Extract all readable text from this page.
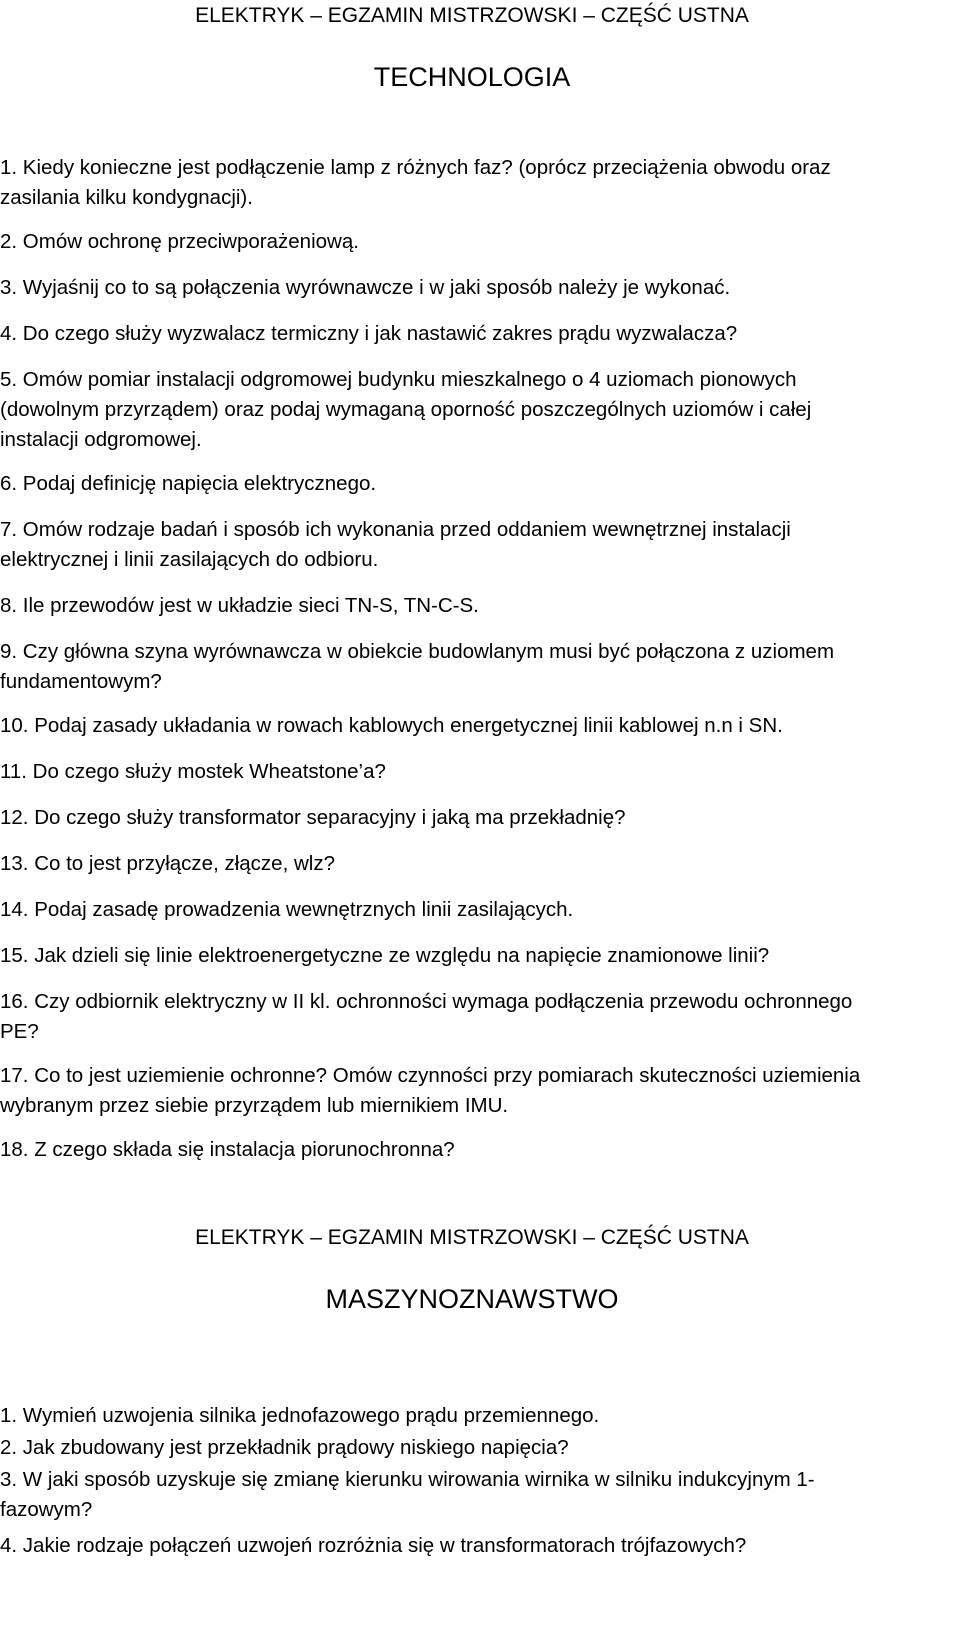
ELEKTRYK – EGZAMIN MISTRZOWSKI – CZĘŚĆ USTNA
TECHNOLOGIA

1. Kiedy konieczne jest podłączenie lamp z różnych faz? (oprócz przeciążenia obwodu oraz

zasilania kilku kondygnacji).

2. Omów ochronę przeciwporażeniową.

3. Wyjaśnij co to są połączenia wyrównawcze i w jaki sposób należy je wykonać.

4. Do czego służy wyzwalacz termiczny i jak nastawić zakres prądu wyzwalacza?

5. Omów pomiar instalacji odgromowej budynku mieszkalnego o 4 uziomach pionowych

(dowolnym przyrządem) oraz podaj wymaganą oporność poszczególnych uziomów i całej

instalacji odgromowej.

6. Podaj definicję napięcia elektrycznego.

7. Omów rodzaje badań i sposób ich wykonania przed oddaniem wewnętrznej instalacji

elektrycznej i linii zasilających do odbioru.

8. Ile przewodów jest w układzie sieci TN-S, TN-C-S.

9. Czy główna szyna wyrównawcza w obiekcie budowlanym musi być połączona z uziomem

fundamentowym?

10. Podaj zasady układania w rowach kablowych energetycznej linii kablowej n.n i SN.

11. Do czego służy mostek Wheatstone’a?

12. Do czego służy transformator separacyjny i jaką ma przekładnię?

13. Co to jest przyłącze, złącze, wlz?

14. Podaj zasadę prowadzenia wewnętrznych linii zasilających.

15. Jak dzieli się linie elektroenergetyczne ze względu na napięcie znamionowe linii?

16. Czy odbiornik elektryczny w II kl. ochronności wymaga podłączenia przewodu ochronnego

PE?

17. Co to jest uziemienie ochronne? Omów czynności przy pomiarach skuteczności uziemienia

wybranym przez siebie przyrządem lub miernikiem IMU.

18. Z czego składa się instalacja piorunochronna?

ELEKTRYK – EGZAMIN MISTRZOWSKI – CZĘŚĆ USTNA
MASZYNOZNAWSTWO

1. Wymień uzwojenia silnika jednofazowego prądu przemiennego.

2. Jak zbudowany jest przekładnik prądowy niskiego napięcia?

3. W jaki sposób uzyskuje się zmianę kierunku wirowania wirnika w silniku indukcyjnym 1-

fazowym?

4. Jakie rodzaje połączeń uzwojeń rozróżnia się w transformatorach trójfazowych?
